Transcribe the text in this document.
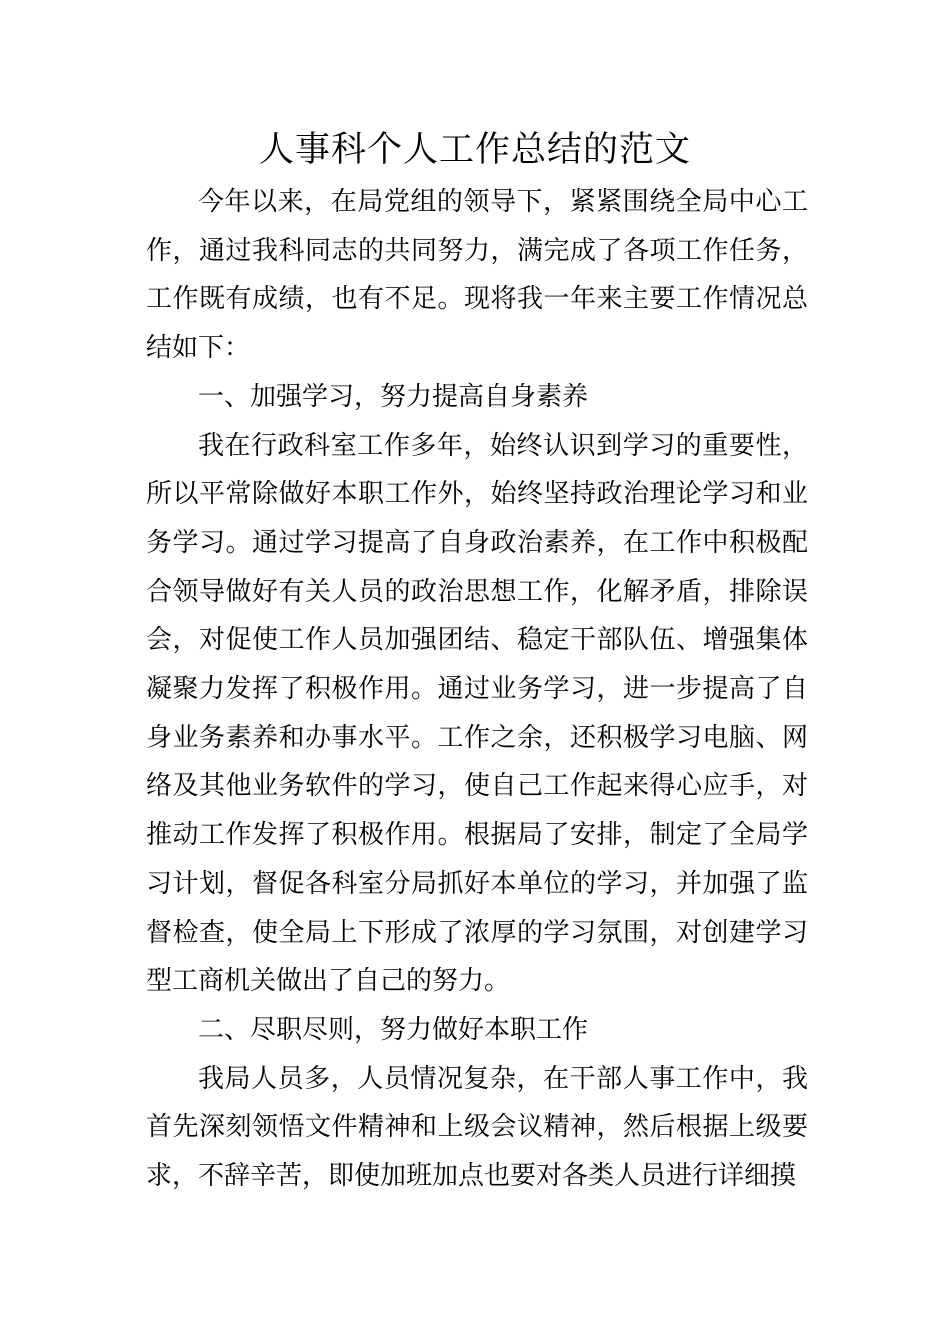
人事科个人工作总结的范文

今年以来，在局党组的领导下，紧紧围绕全局中心工作，通过我科同志的共同努力，满完成了各项工作任务，工作既有成绩，也有不足。现将我一年来主要工作情况总结如下：

一、加强学习，努力提高自身素养

我在行政科室工作多年，始终认识到学习的重要性，所以平常除做好本职工作外，始终坚持政治理论学习和业务学习。通过学习提高了自身政治素养，在工作中积极配合领导做好有关人员的政治思想工作，化解矛盾，排除误会，对促使工作人员加强团结、稳定干部队伍、增强集体凝聚力发挥了积极作用。通过业务学习，进一步提高了自身业务素养和办事水平。工作之余，还积极学习电脑、网络及其他业务软件的学习，使自己工作起来得心应手，对推动工作发挥了积极作用。根据局了安排，制定了全局学习计划，督促各科室分局抓好本单位的学习，并加强了监督检查，使全局上下形成了浓厚的学习氛围，对创建学习型工商机关做出了自己的努力。

二、尽职尽则，努力做好本职工作

我局人员多，人员情况复杂，在干部人事工作中，我首先深刻领悟文件精神和上级会议精神，然后根据上级要求，不辞辛苦，即使加班加点也要对各类人员进行详细摸
